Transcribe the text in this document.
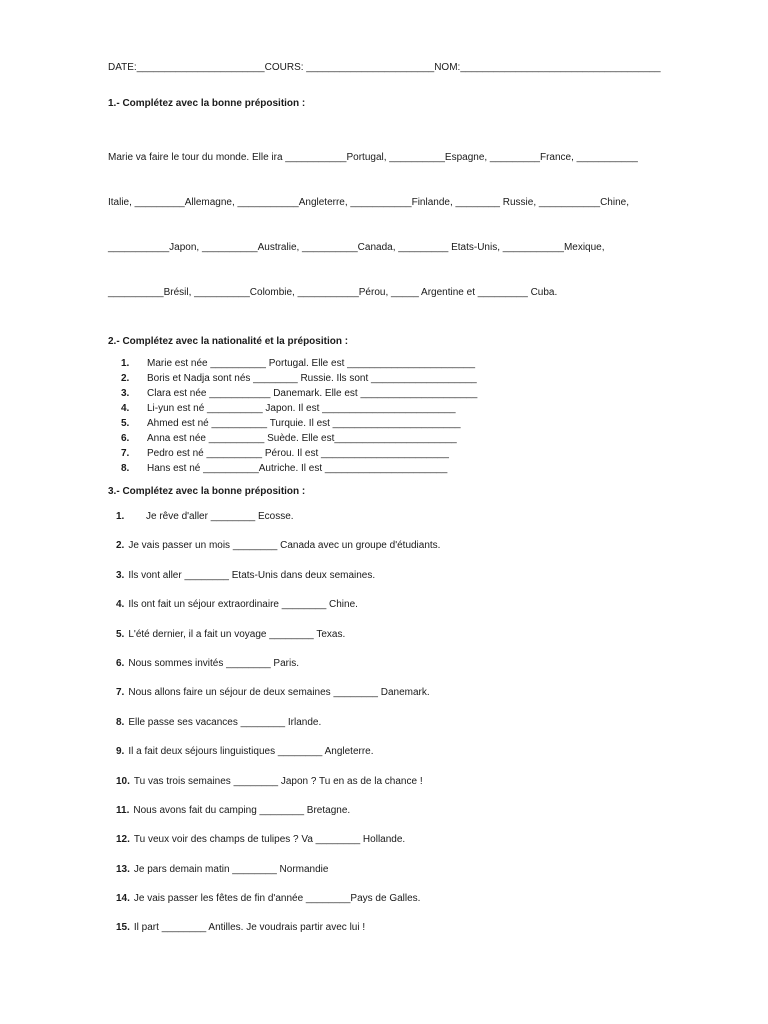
DATE:_______________________COURS: _______________________NOM:____________________________________
1.- Complétez avec la bonne préposition :

Marie va faire le tour du monde. Elle ira ___________Portugal, __________Espagne, _________France, ___________

Italie, _________Allemagne, ___________Angleterre, ___________Finlande, ________ Russie, ___________Chine,

___________Japon, __________Australie, __________Canada, _________ Etats-Unis, ___________Mexique,

__________Brésil, __________Colombie, ___________Pérou, _____ Argentine et _________ Cuba.

2.- Complétez avec la nationalité et la préposition :
1.	Marie est née __________ Portugal. Elle est _______________________
2.	Boris et Nadja sont nés ________ Russie. Ils sont ___________________
3.	Clara est née ___________ Danemark. Elle est _____________________
4.	Li-yun est né __________ Japon. Il est ________________________
5.	Ahmed est né __________ Turquie. Il est _______________________
6.	Anna est née __________ Suède. Elle est______________________
7.	Pedro est né __________ Pérou. Il est _______________________
8.	Hans est né __________Autriche. Il est ______________________
3.- Complétez avec la bonne préposition :
1.	Je rêve d'aller ________ Ecosse.
2. Je vais passer un mois ________ Canada avec un groupe d'étudiants.
3. Ils vont aller ________ Etats-Unis dans deux semaines.
4. Ils ont fait un séjour extraordinaire ________ Chine.
5. L'été dernier, il a fait un voyage ________ Texas.
6. Nous sommes invités ________ Paris.
7. Nous allons faire un séjour de deux semaines ________ Danemark.
8. Elle passe ses vacances ________ Irlande.
9. Il a fait deux séjours linguistiques ________ Angleterre.
10. Tu vas trois semaines ________ Japon ? Tu en as de la chance !
11. Nous avons fait du camping ________ Bretagne.
12. Tu veux voir des champs de tulipes ? Va ________ Hollande.
13. Je pars demain matin ________ Normandie
14. Je vais passer les fêtes de fin d'année ________Pays de Galles.
15. Il part ________ Antilles. Je voudrais partir avec lui !
